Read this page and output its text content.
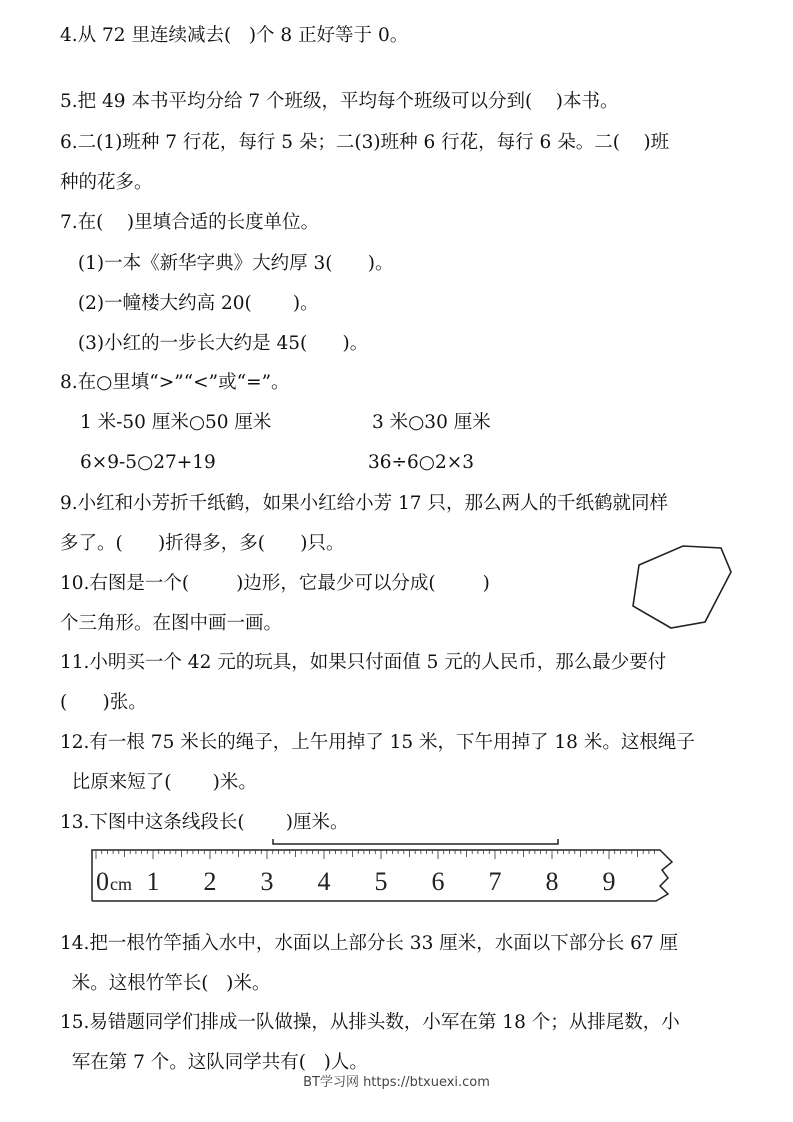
4.从 72 里连续减去(   )个 8 正好等于 0。
5.把 49 本书平均分给 7 个班级，平均每个班级可以分到(    )本书。
6.二(1)班种 7 行花，每行 5 朵；二(3)班种 6 行花，每行 6 朵。二(    )班
种的花多。
7.在(    )里填合适的长度单位。
(1)一本《新华字典》大约厚 3(      )。
(2)一幢楼大约高 20(       )。
(3)小红的一步长大约是 45(      )。
8.在○里填“>”“<”或“=”。
1 米-50 厘米○50 厘米	3 米○30 厘米
6×9-5○27+19	36÷6○2×3
9.小红和小芳折千纸鹤，如果小红给小芳 17 只，那么两人的千纸鹤就同样
多了。(      )折得多，多(      )只。
10.右图是一个(        )边形，它最少可以分成(        )
个三角形。在图中画一画。
11.小明买一个 42 元的玩具，如果只付面值 5 元的人民币，那么最少要付
(      )张。
12.有一根 75 米长的绳子，上午用掉了 15 米，下午用掉了 18 米。这根绳子
比原来短了(       )米。
13.下图中这条线段长(       )厘米。
0 cm 1 2 3 4 5 6 7 8 9
14.把一根竹竿插入水中，水面以上部分长 33 厘米，水面以下部分长 67 厘
米。这根竹竿长(   )米。
15.易错题同学们排成一队做操，从排头数，小军在第 18 个；从排尾数，小
军在第 7 个。这队同学共有(   )人。
BT学习网 https://btxuexi.com
